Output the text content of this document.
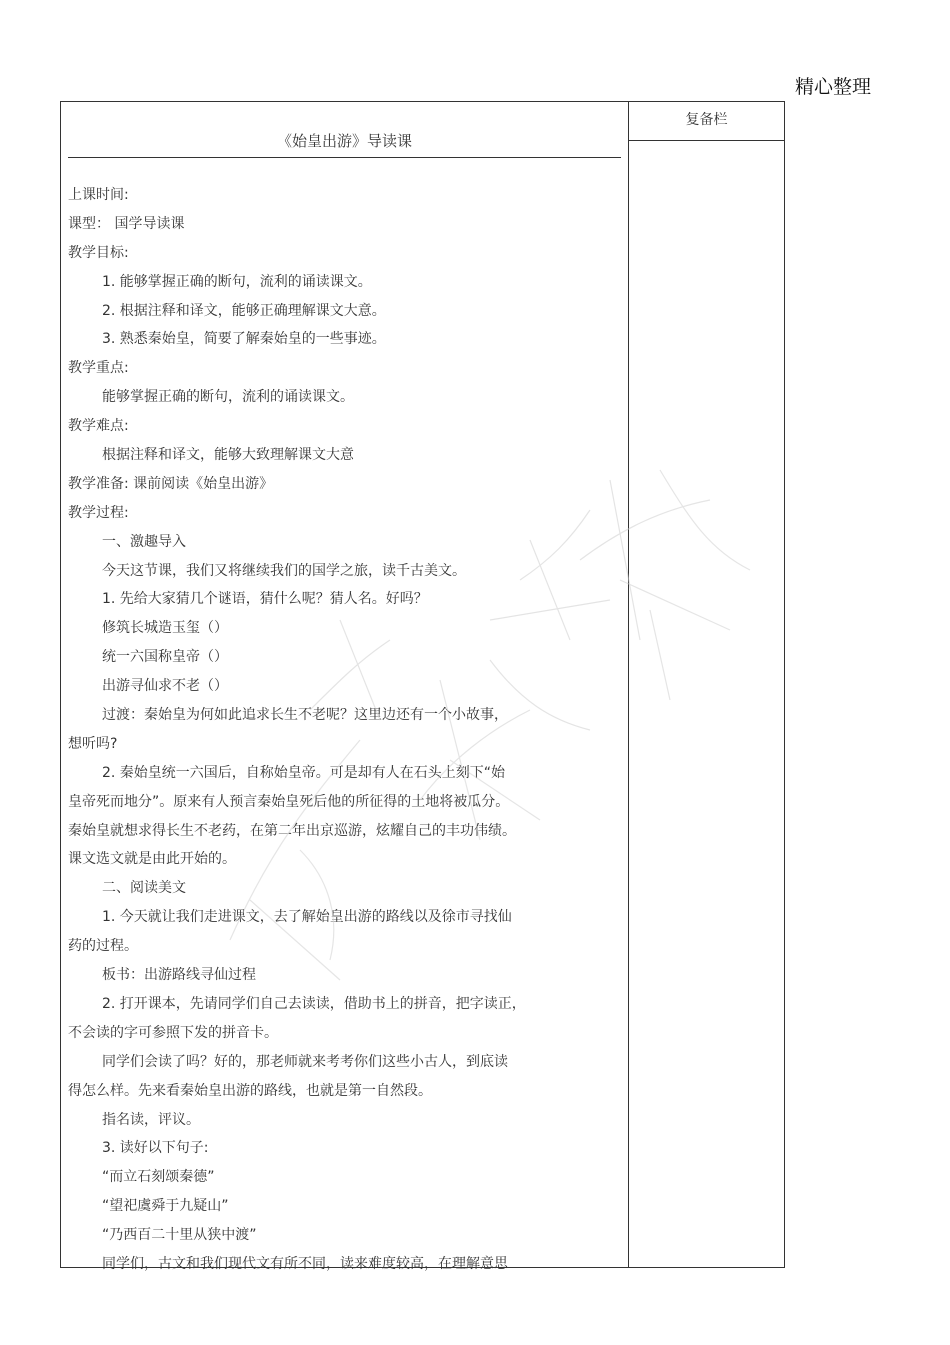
精心整理
复备栏
《始皇出游》导读课
上课时间:
课型： 国学导读课
教学目标:
1. 能够掌握正确的断句，流利的诵读课文。
2. 根据注释和译文，能够正确理解课文大意。
3. 熟悉秦始皇，简要了解秦始皇的一些事迹。
教学重点:
能够掌握正确的断句，流利的诵读课文。
教学难点:
根据注释和译文，能够大致理解课文大意
教学准备: 课前阅读《始皇出游》
教学过程:
一、激趣导入
今天这节课，我们又将继续我们的国学之旅，读千古美文。
1. 先给大家猜几个谜语，猜什么呢？猜人名。好吗？
修筑长城造玉玺（）
统一六国称皇帝（）
出游寻仙求不老（）
过渡：秦始皇为何如此追求长生不老呢？这里边还有一个小故事，
想听吗?
2. 秦始皇统一六国后，自称始皇帝。可是却有人在石头上刻下“始
皇帝死而地分”。原来有人预言秦始皇死后他的所征得的土地将被瓜分。
秦始皇就想求得长生不老药，在第二年出京巡游，炫耀自己的丰功伟绩。
课文选文就是由此开始的。
二、阅读美文
1. 今天就让我们走进课文，去了解始皇出游的路线以及徐市寻找仙
药的过程。
板书：出游路线寻仙过程
2. 打开课本，先请同学们自己去读读，借助书上的拼音，把字读正，
不会读的字可参照下发的拼音卡。
同学们会读了吗？好的，那老师就来考考你们这些小古人，到底读
得怎么样。先来看秦始皇出游的路线，也就是第一自然段。
指名读，评议。
3. 读好以下句子:
“而立石刻颂秦德”
“望祀虞舜于九疑山”
“乃西百二十里从狭中渡”
同学们，古文和我们现代文有所不同，读来难度较高，在理解意思
